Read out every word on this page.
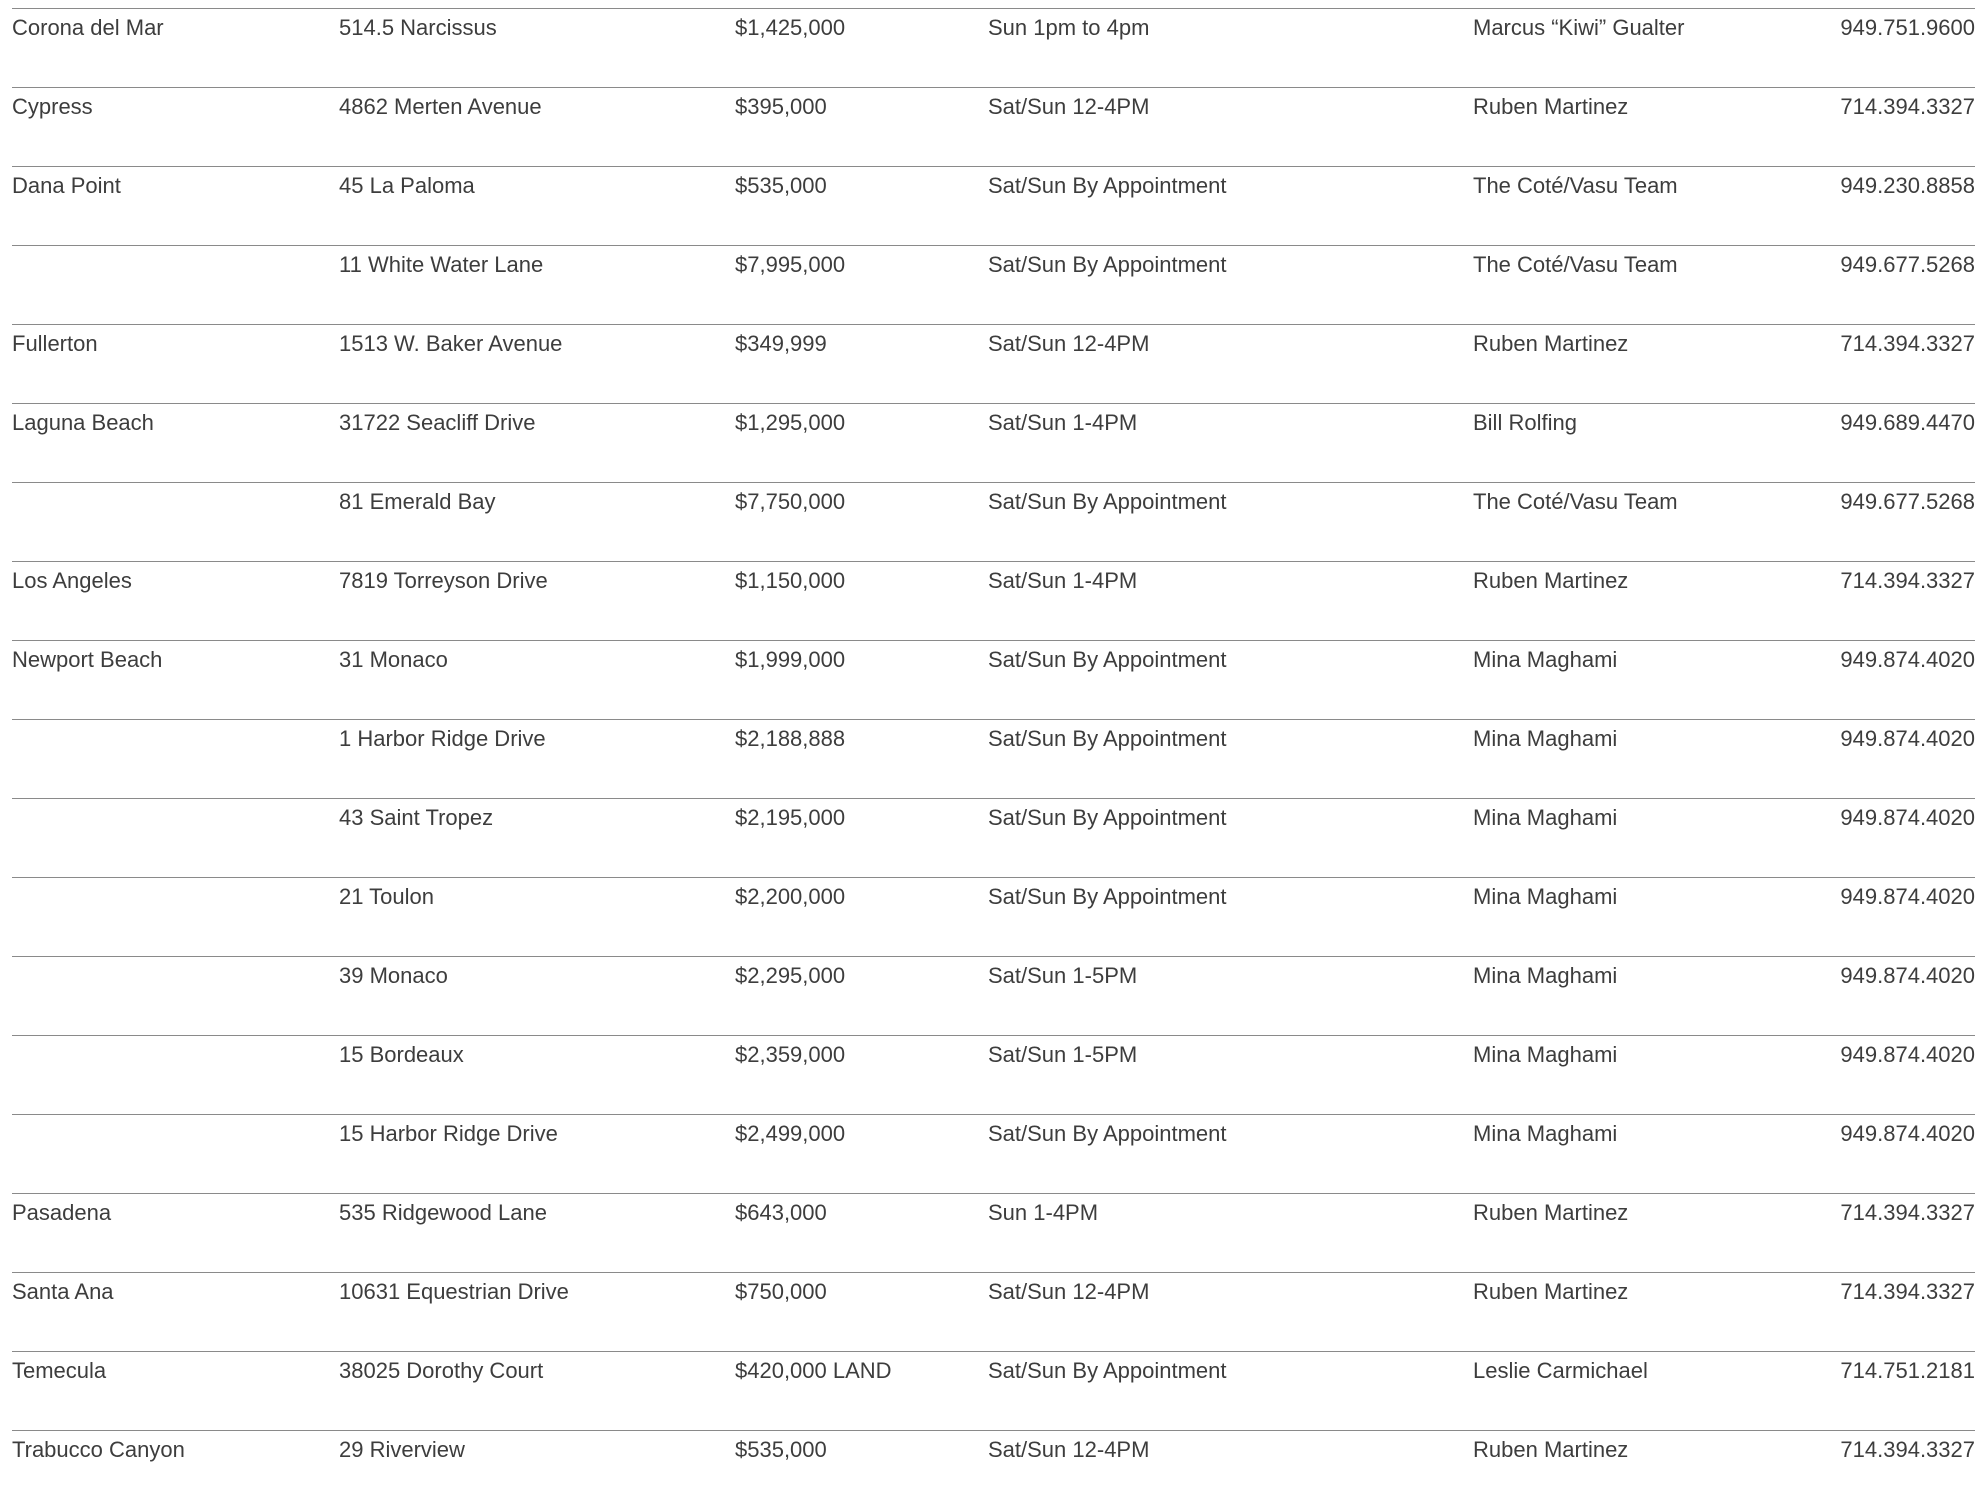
Corona del Mar	514.5 Narcissus	$1,425,000	Sun 1pm to 4pm	Marcus “Kiwi” Gualter	949.751.9600
Cypress	4862 Merten Avenue	$395,000	Sat/Sun 12-4PM	Ruben Martinez	714.394.3327
Dana Point	45 La Paloma	$535,000	Sat/Sun By Appointment	The Coté/Vasu Team	949.230.8858
	11 White Water Lane	$7,995,000	Sat/Sun By Appointment	The Coté/Vasu Team	949.677.5268
Fullerton	1513 W. Baker Avenue	$349,999	Sat/Sun 12-4PM	Ruben Martinez	714.394.3327
Laguna Beach	31722 Seacliff Drive	$1,295,000	Sat/Sun 1-4PM	Bill Rolfing	949.689.4470
	81 Emerald Bay	$7,750,000	Sat/Sun By Appointment	The Coté/Vasu Team	949.677.5268
Los Angeles	7819 Torreyson Drive	$1,150,000	Sat/Sun 1-4PM	Ruben Martinez	714.394.3327
Newport Beach	31 Monaco	$1,999,000	Sat/Sun By Appointment	Mina Maghami	949.874.4020
	1 Harbor Ridge Drive	$2,188,888	Sat/Sun By Appointment	Mina Maghami	949.874.4020
	43 Saint Tropez	$2,195,000	Sat/Sun By Appointment	Mina Maghami	949.874.4020
	21 Toulon	$2,200,000	Sat/Sun By Appointment	Mina Maghami	949.874.4020
	39 Monaco	$2,295,000	Sat/Sun 1-5PM	Mina Maghami	949.874.4020
	15 Bordeaux	$2,359,000	Sat/Sun 1-5PM	Mina Maghami	949.874.4020
	15 Harbor Ridge Drive	$2,499,000	Sat/Sun By Appointment	Mina Maghami	949.874.4020
Pasadena	535 Ridgewood Lane	$643,000	Sun 1-4PM	Ruben Martinez	714.394.3327
Santa Ana	10631 Equestrian Drive	$750,000	Sat/Sun 12-4PM	Ruben Martinez	714.394.3327
Temecula	38025 Dorothy Court	$420,000 LAND	Sat/Sun By Appointment	Leslie Carmichael	714.751.2181
Trabucco Canyon	29 Riverview	$535,000	Sat/Sun 12-4PM	Ruben Martinez	714.394.3327
